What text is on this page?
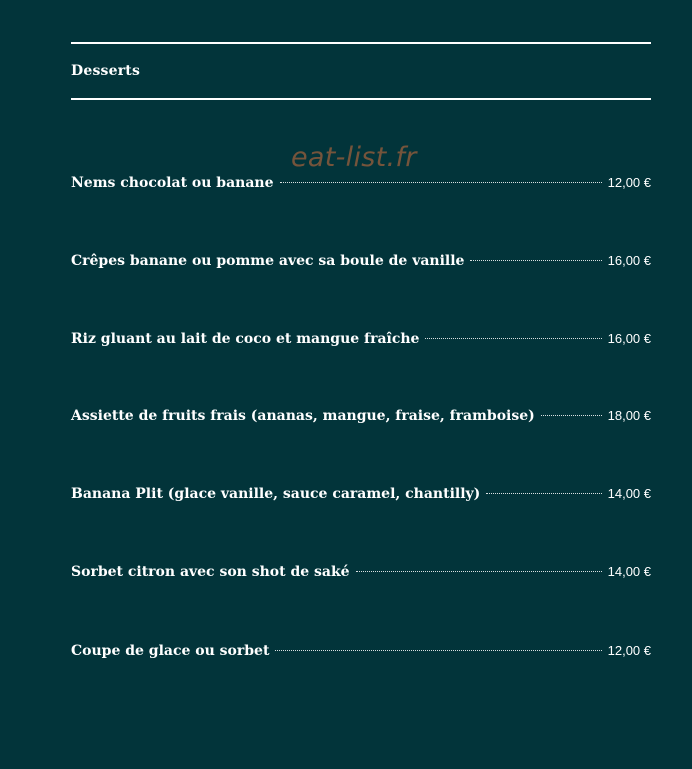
Desserts
eat-list.fr
Nems chocolat ou banane	12,00 €
Crêpes banane ou pomme avec sa boule de vanille	16,00 €
Riz gluant au lait de coco et mangue fraîche	16,00 €
Assiette de fruits frais (ananas, mangue, fraise, framboise)	18,00 €
Banana Plit (glace vanille, sauce caramel, chantilly)	14,00 €
Sorbet citron avec son shot de saké	14,00 €
Coupe de glace ou sorbet	12,00 €
